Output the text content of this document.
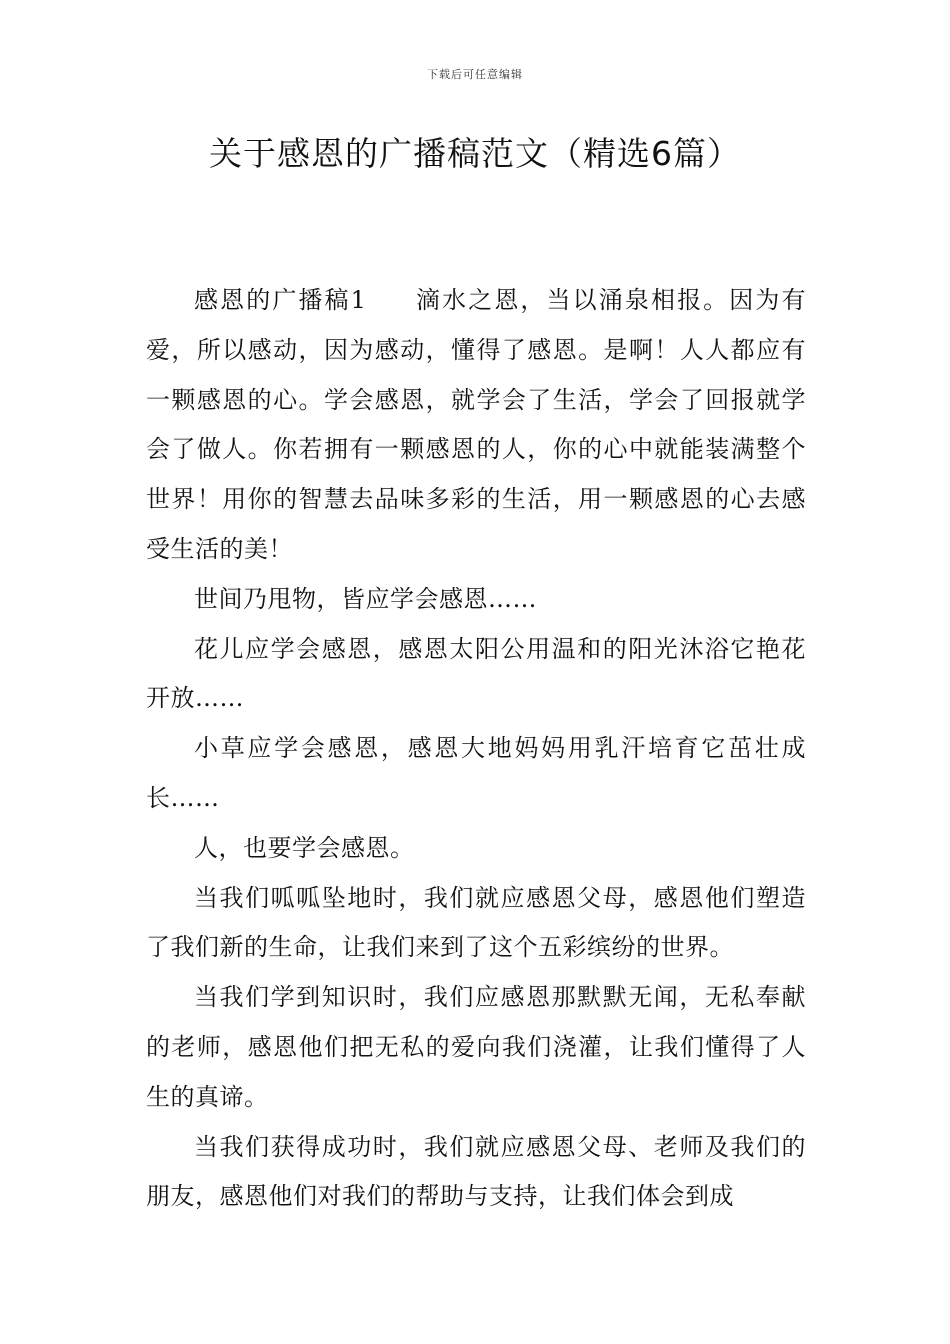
下载后可任意编辑
关于感恩的广播稿范文（精选6篇）

感恩的广播稿1 滴水之恩，当以涌泉相报。因为有爱，所以感动，因为感动，懂得了感恩。是啊！人人都应有一颗感恩的心。学会感恩，就学会了生活，学会了回报就学会了做人。你若拥有一颗感恩的人，你的心中就能装满整个世界！用你的智慧去品味多彩的生活，用一颗感恩的心去感受生活的美！

世间乃甩物，皆应学会感恩……

花儿应学会感恩，感恩太阳公用温和的阳光沐浴它艳花开放……

小草应学会感恩，感恩大地妈妈用乳汗培育它茁壮成长……

人，也要学会感恩。

当我们呱呱坠地时，我们就应感恩父母，感恩他们塑造了我们新的生命，让我们来到了这个五彩缤纷的世界。

当我们学到知识时，我们应感恩那默默无闻，无私奉献的老师，感恩他们把无私的爱向我们浇灌，让我们懂得了人生的真谛。

当我们获得成功时，我们就应感恩父母、老师及我们的朋友，感恩他们对我们的帮助与支持，让我们体会到成
